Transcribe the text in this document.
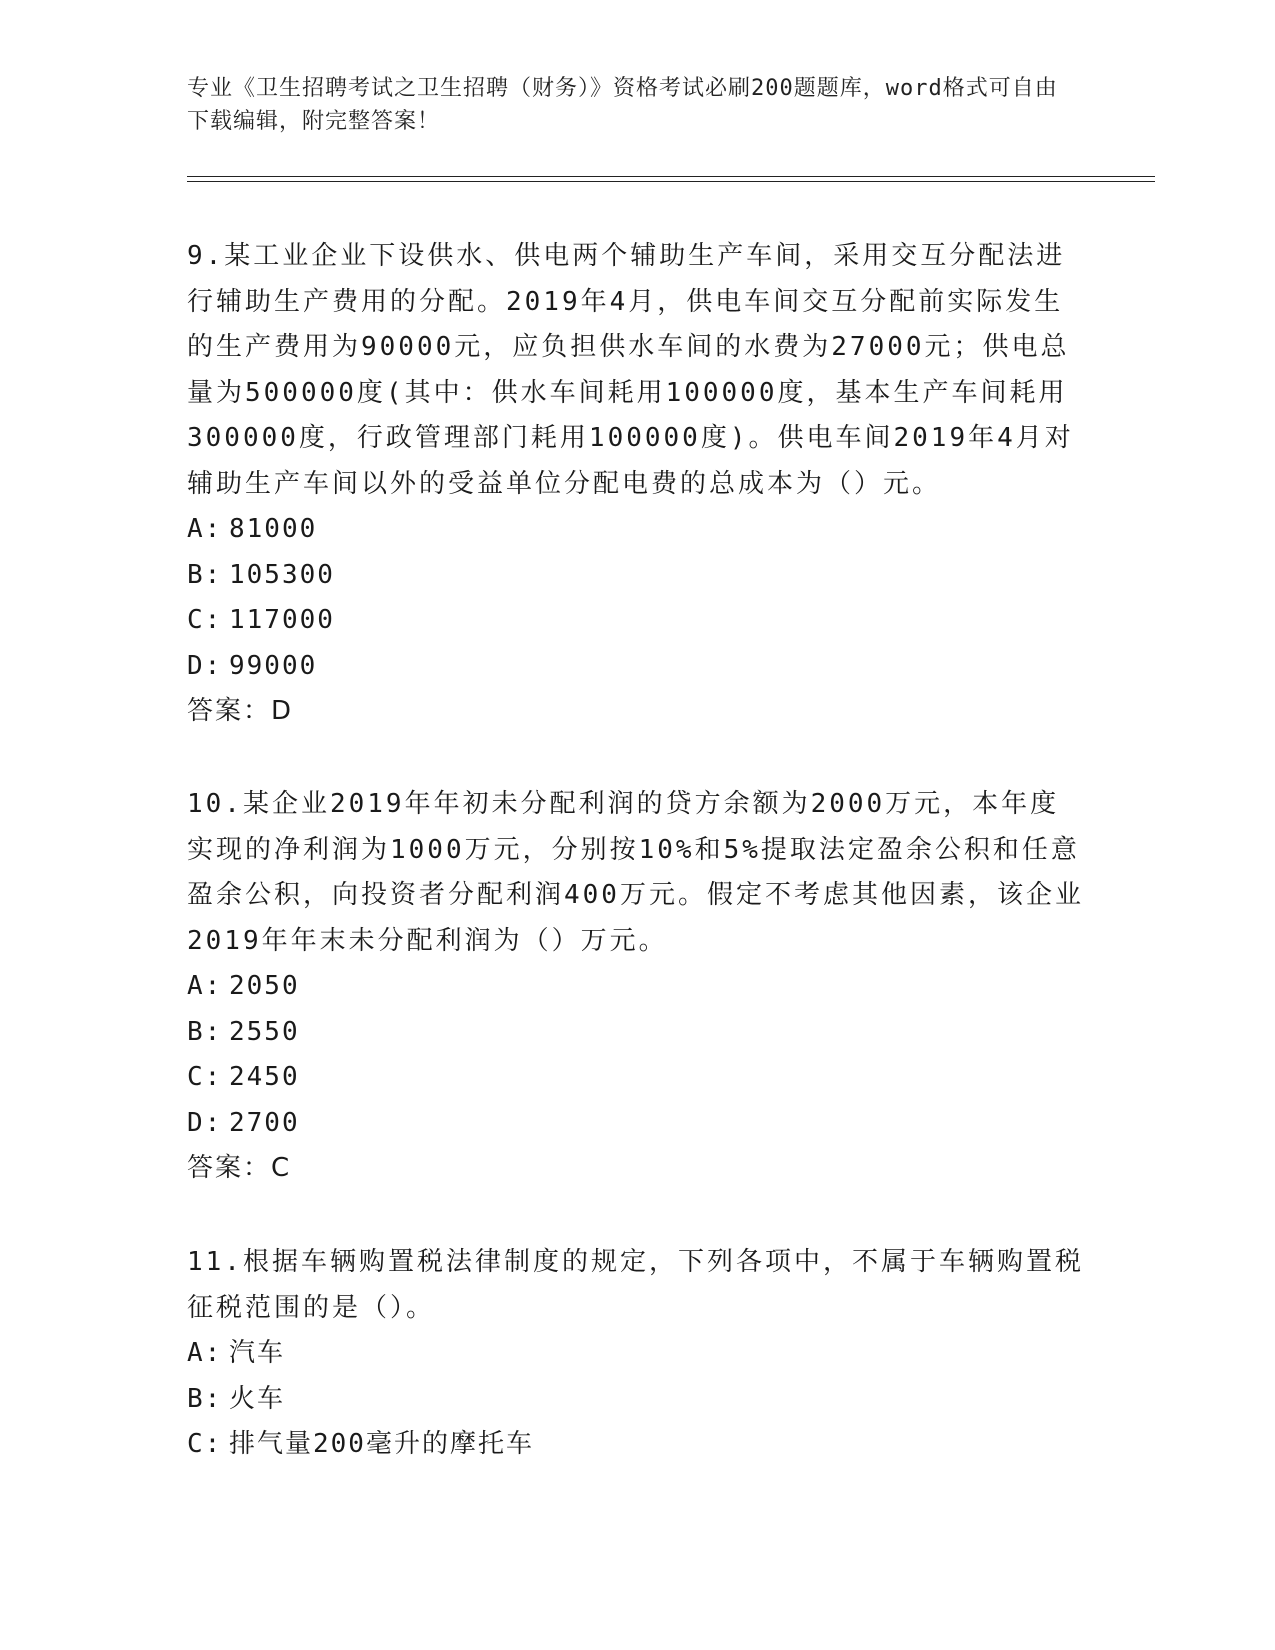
专业《卫生招聘考试之卫生招聘（财务）》资格考试必刷200题题库，word格式可自由下载编辑，附完整答案！

9.某工业企业下设供水、供电两个辅助生产车间，采用交互分配法进行辅助生产费用的分配。2019年4月，供电车间交互分配前实际发生的生产费用为90000元，应负担供水车间的水费为27000元；供电总量为500000度(其中：供水车间耗用100000度，基本生产车间耗用300000度，行政管理部门耗用100000度)。供电车间2019年4月对辅助生产车间以外的受益单位分配电费的总成本为（）元。

A: 81000

B: 105300

C: 117000

D: 99000

答案：D

10.某企业2019年年初未分配利润的贷方余额为2000万元，本年度实现的净利润为1000万元，分别按10%和5%提取法定盈余公积和任意盈余公积，向投资者分配利润400万元。假定不考虑其他因素，该企业2019年年末未分配利润为（）万元。

A: 2050

B: 2550

C: 2450

D: 2700

答案：C

11.根据车辆购置税法律制度的规定，下列各项中，不属于车辆购置税征税范围的是（）。

A: 汽车

B: 火车

C: 排气量200毫升的摩托车
